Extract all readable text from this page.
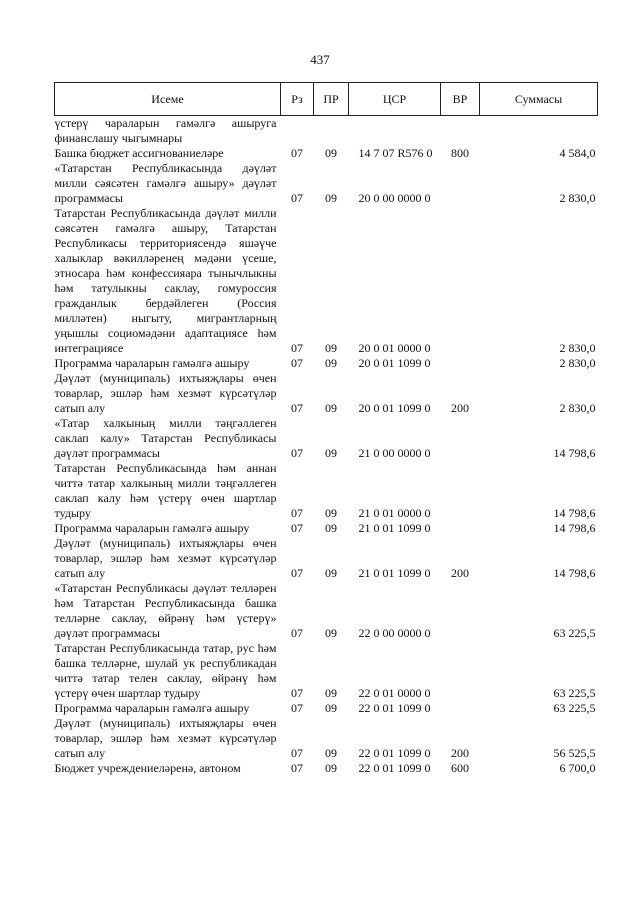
437
Исеме	Рз	ПР	ЦСР	ВР	Суммасы
үстерү чараларын гамәлгә ашыруга финанслашу чыгымнары					
Башка бюджет ассигнованиеләре	07	09	14 7 07 R576 0	800	4 584,0
«Татарстан Республикасында дәүләт милли сәясәтен гамәлгә ашыру» дәүләт программасы	07	09	20 0 00 0000 0		2 830,0
Татарстан Республикасында дәүләт милли сәясәтен гамәлгә ашыру, Татарстан Республикасы территориясендә яшәүче халыклар вәкилләренең мәдәни үсеше, этносара һәм конфессияара тынычлыкны һәм татулыкны саклау, гомуроссия гражданлык бердәйлеген (Россия милләтен) ныгыту, мигрантларның уңышлы социомәдәни адаптациясе һәм интеграциясе	07	09	20 0 01 0000 0		2 830,0
Программа чараларын гамәлгә ашыру	07	09	20 0 01 1099 0		2 830,0
Дәүләт (муниципаль) ихтыяҗлары өчен товарлар, эшләр һәм хезмәт күрсәтүләр сатып алу	07	09	20 0 01 1099 0	200	2 830,0
«Татар халкының милли тәңгәллеген саклап калу» Татарстан Республикасы дәүләт программасы	07	09	21 0 00 0000 0		14 798,6
Татарстан Республикасында һәм аннан читтә татар халкының милли тәңгәллеген саклап калу һәм үстерү өчен шартлар тудыру	07	09	21 0 01 0000 0		14 798,6
Программа чараларын гамәлгә ашыру	07	09	21 0 01 1099 0		14 798,6
Дәүләт (муниципаль) ихтыяҗлары өчен товарлар, эшләр һәм хезмәт күрсәтүләр сатып алу	07	09	21 0 01 1099 0	200	14 798,6
«Татарстан Республикасы дәүләт телләрен һәм Татарстан Республикасында башка телләрне саклау, өйрәнү һәм үстерү» дәүләт программасы	07	09	22 0 00 0000 0		63 225,5
Татарстан Республикасында татар, рус һәм башка телләрне, шулай ук республикадан читтә татар телен саклау, өйрәнү һәм үстерү өчен шартлар тудыру	07	09	22 0 01 0000 0		63 225,5
Программа чараларын гамәлгә ашыру	07	09	22 0 01 1099 0		63 225,5
Дәүләт (муниципаль) ихтыяҗлары өчен товарлар, эшләр һәм хезмәт күрсәтүләр сатып алу	07	09	22 0 01 1099 0	200	56 525,5
Бюджет учреждениеләренә, автоном	07	09	22 0 01 1099 0	600	6 700,0
